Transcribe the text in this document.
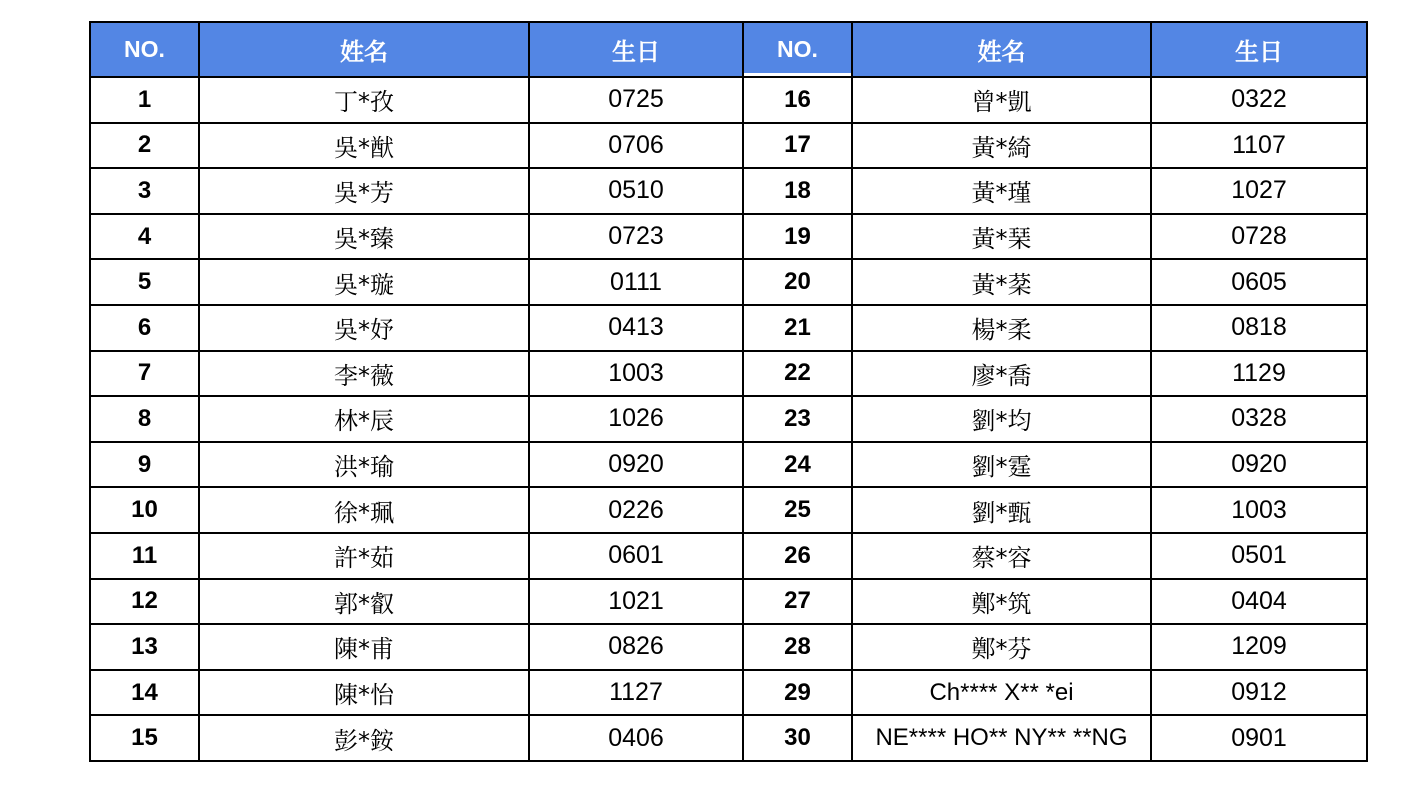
NO.	姓名	生日	NO.	姓名	生日
1	丁*孜	0725	16	曾*凱	0322
2	吳*猷	0706	17	黃*綺	1107
3	吳*芳	0510	18	黃*瑾	1027
4	吳*臻	0723	19	黃*琹	0728
5	吳*璇	0111	20	黃*棻	0605
6	吳*妤	0413	21	楊*柔	0818
7	李*薇	1003	22	廖*喬	1129
8	林*辰	1026	23	劉*均	0328
9	洪*瑜	0920	24	劉*霆	0920
10	徐*珮	0226	25	劉*甄	1003
11	許*茹	0601	26	蔡*容	0501
12	郭*叡	1021	27	鄭*筑	0404
13	陳*甫	0826	28	鄭*芬	1209
14	陳*怡	1127	29	Ch**** X** *ei	0912
15	彭*銨	0406	30	NE**** HO** NY** **NG	0901
